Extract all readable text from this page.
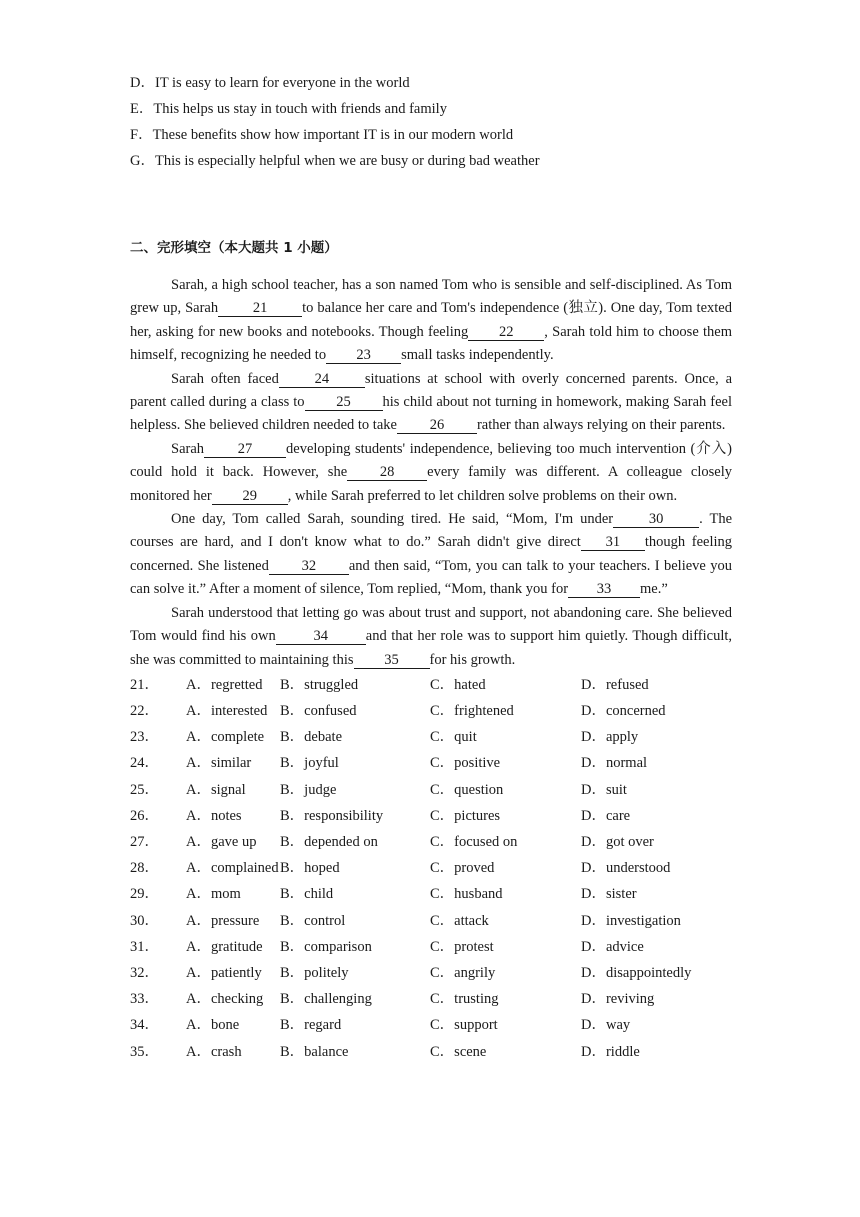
D．IT is easy to learn for everyone in the world
E．This helps us stay in touch with friends and family
F．These benefits show how important IT is in our modern world
G．This is especially helpful when we are busy or during bad weather
二、完形填空（本大题共 1 小题）

Sarah, a high school teacher, has a son named Tom who is sensible and self-disciplined. As Tom grew up, Sarah 21 to balance her care and Tom's independence (独立). One day, Tom texted her, asking for new books and notebooks. Though feeling 22 , Sarah told him to choose them himself, recognizing he needed to 23 small tasks independently.

Sarah often faced 24 situations at school with overly concerned parents. Once, a parent called during a class to 25 his child about not turning in homework, making Sarah feel helpless. She believed children needed to take 26 rather than always relying on their parents.

Sarah 27 developing students' independence, believing too much intervention (介入) could hold it back. However, she 28 every family was different. A colleague closely monitored her 29 , while Sarah preferred to let children solve problems on their own.

One day, Tom called Sarah, sounding tired. He said, “Mom, I'm under 30 . The courses are hard, and I don't know what to do.” Sarah didn't give direct 31 though feeling concerned. She listened 32 and then said, “Tom, you can talk to your teachers. I believe you can solve it.” After a moment of silence, Tom replied, “Mom, thank you for 33 me.”

Sarah understood that letting go was about trust and support, not abandoning care. She believed Tom would find his own	34	and that her role was to support him quietly. Though difficult, she was committed to maintaining this 35 for his growth.

21．	A．regretted	B．struggled	C．hated	D．refused
22．	A．interested B．confused	C．frightened	D．concerned
23．	A．complete	B．debate	C．quit	D．apply
24．	A．similar	B．joyful	C．positive	D．normal
25．	A．signal	B．judge	C．question	D．suit
26．	A．notes	B．responsibility	C．pictures	D．care
27．	A．gave up	B．depended on	C．focused on	D．got over
28．	A．complained B．hoped	C．proved	D．understood
29．	A．mom	B．child	C．husband	D．sister
30．	A．pressure	B．control	C．attack	D．investigation
31．	A．gratitude	B．comparison	C．protest	D．advice
32．	A．patiently	B．politely	C．angrily	D．disappointedly
33．	A．checking	B．challenging	C．trusting	D．reviving
34．	A．bone	B．regard	C．support	D．way
35．	A．crash	B．balance	C．scene	D．riddle
